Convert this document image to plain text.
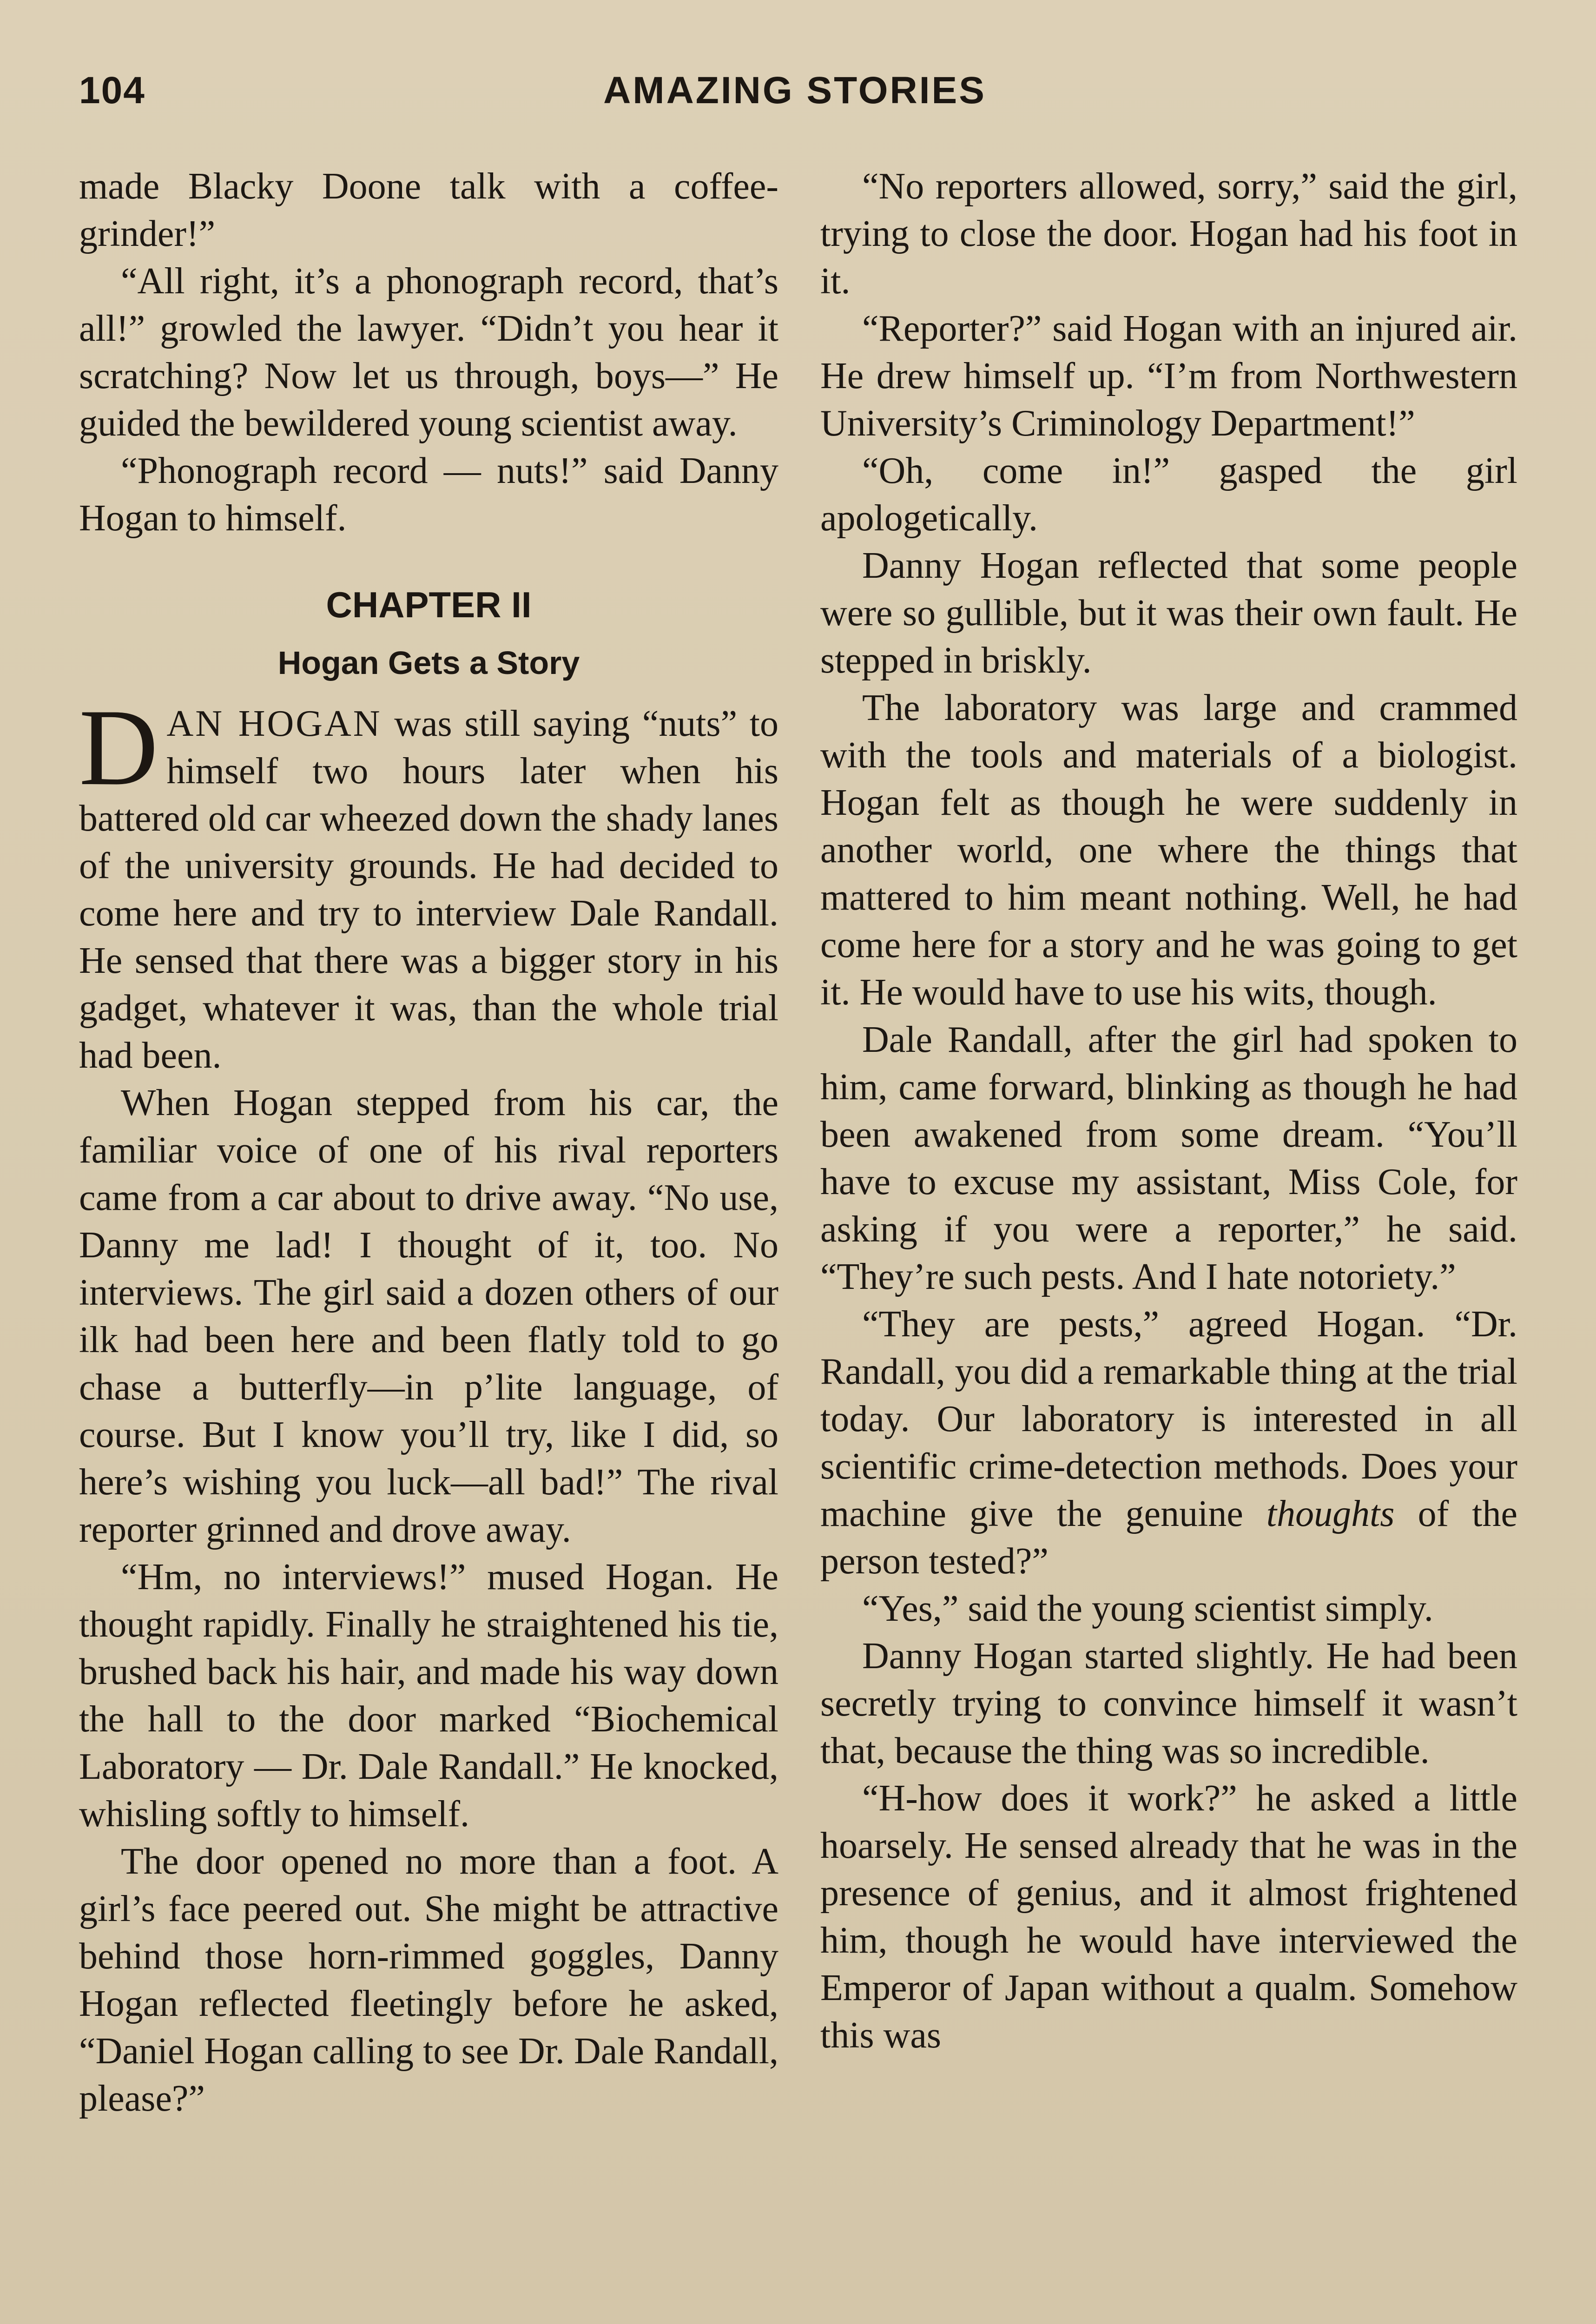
104	AMAZING STORIES

made Blacky Doone talk with a coffee-grinder!”

“All right, it’s a phonograph record, that’s all!” growled the lawyer. “Didn’t you hear it scratching? Now let us through, boys—” He guided the bewildered young scientist away.

“Phonograph record — nuts!” said Danny Hogan to himself.

CHAPTER II
Hogan Gets a Story

DAN HOGAN was still saying “nuts” to himself two hours later when his battered old car wheezed down the shady lanes of the university grounds. He had decided to come here and try to interview Dale Randall. He sensed that there was a bigger story in his gadget, whatever it was, than the whole trial had been.

When Hogan stepped from his car, the familiar voice of one of his rival reporters came from a car about to drive away. “No use, Danny me lad! I thought of it, too. No interviews. The girl said a dozen others of our ilk had been here and been flatly told to go chase a butterfly—in p’lite language, of course. But I know you’ll try, like I did, so here’s wishing you luck—all bad!” The rival reporter grinned and drove away.

“Hm, no interviews!” mused Hogan. He thought rapidly. Finally he straightened his tie, brushed back his hair, and made his way down the hall to the door marked “Biochemical Laboratory — Dr. Dale Randall.” He knocked, whisling softly to himself.

The door opened no more than a foot. A girl’s face peered out. She might be attractive behind those horn-rimmed goggles, Danny Hogan reflected fleetingly before he asked, “Daniel Hogan calling to see Dr. Dale Randall, please?”

“No reporters allowed, sorry,” said the girl, trying to close the door. Hogan had his foot in it.

“Reporter?” said Hogan with an injured air. He drew himself up. “I’m from Northwestern University’s Criminology Department!”

“Oh, come in!” gasped the girl apologetically.

Danny Hogan reflected that some people were so gullible, but it was their own fault. He stepped in briskly.

The laboratory was large and crammed with the tools and materials of a biologist. Hogan felt as though he were suddenly in another world, one where the things that mattered to him meant nothing. Well, he had come here for a story and he was going to get it. He would have to use his wits, though.

Dale Randall, after the girl had spoken to him, came forward, blinking as though he had been awakened from some dream. “You’ll have to excuse my assistant, Miss Cole, for asking if you were a reporter,” he said. “They’re such pests. And I hate notoriety.”

“They are pests,” agreed Hogan. “Dr. Randall, you did a remarkable thing at the trial today. Our laboratory is interested in all scientific crime-detection methods. Does your machine give the genuine thoughts of the person tested?”

“Yes,” said the young scientist simply.

Danny Hogan started slightly. He had been secretly trying to convince himself it wasn’t that, because the thing was so incredible.

“H-how does it work?” he asked a little hoarsely. He sensed already that he was in the presence of genius, and it almost frightened him, though he would have interviewed the Emperor of Japan without a qualm. Somehow this was
